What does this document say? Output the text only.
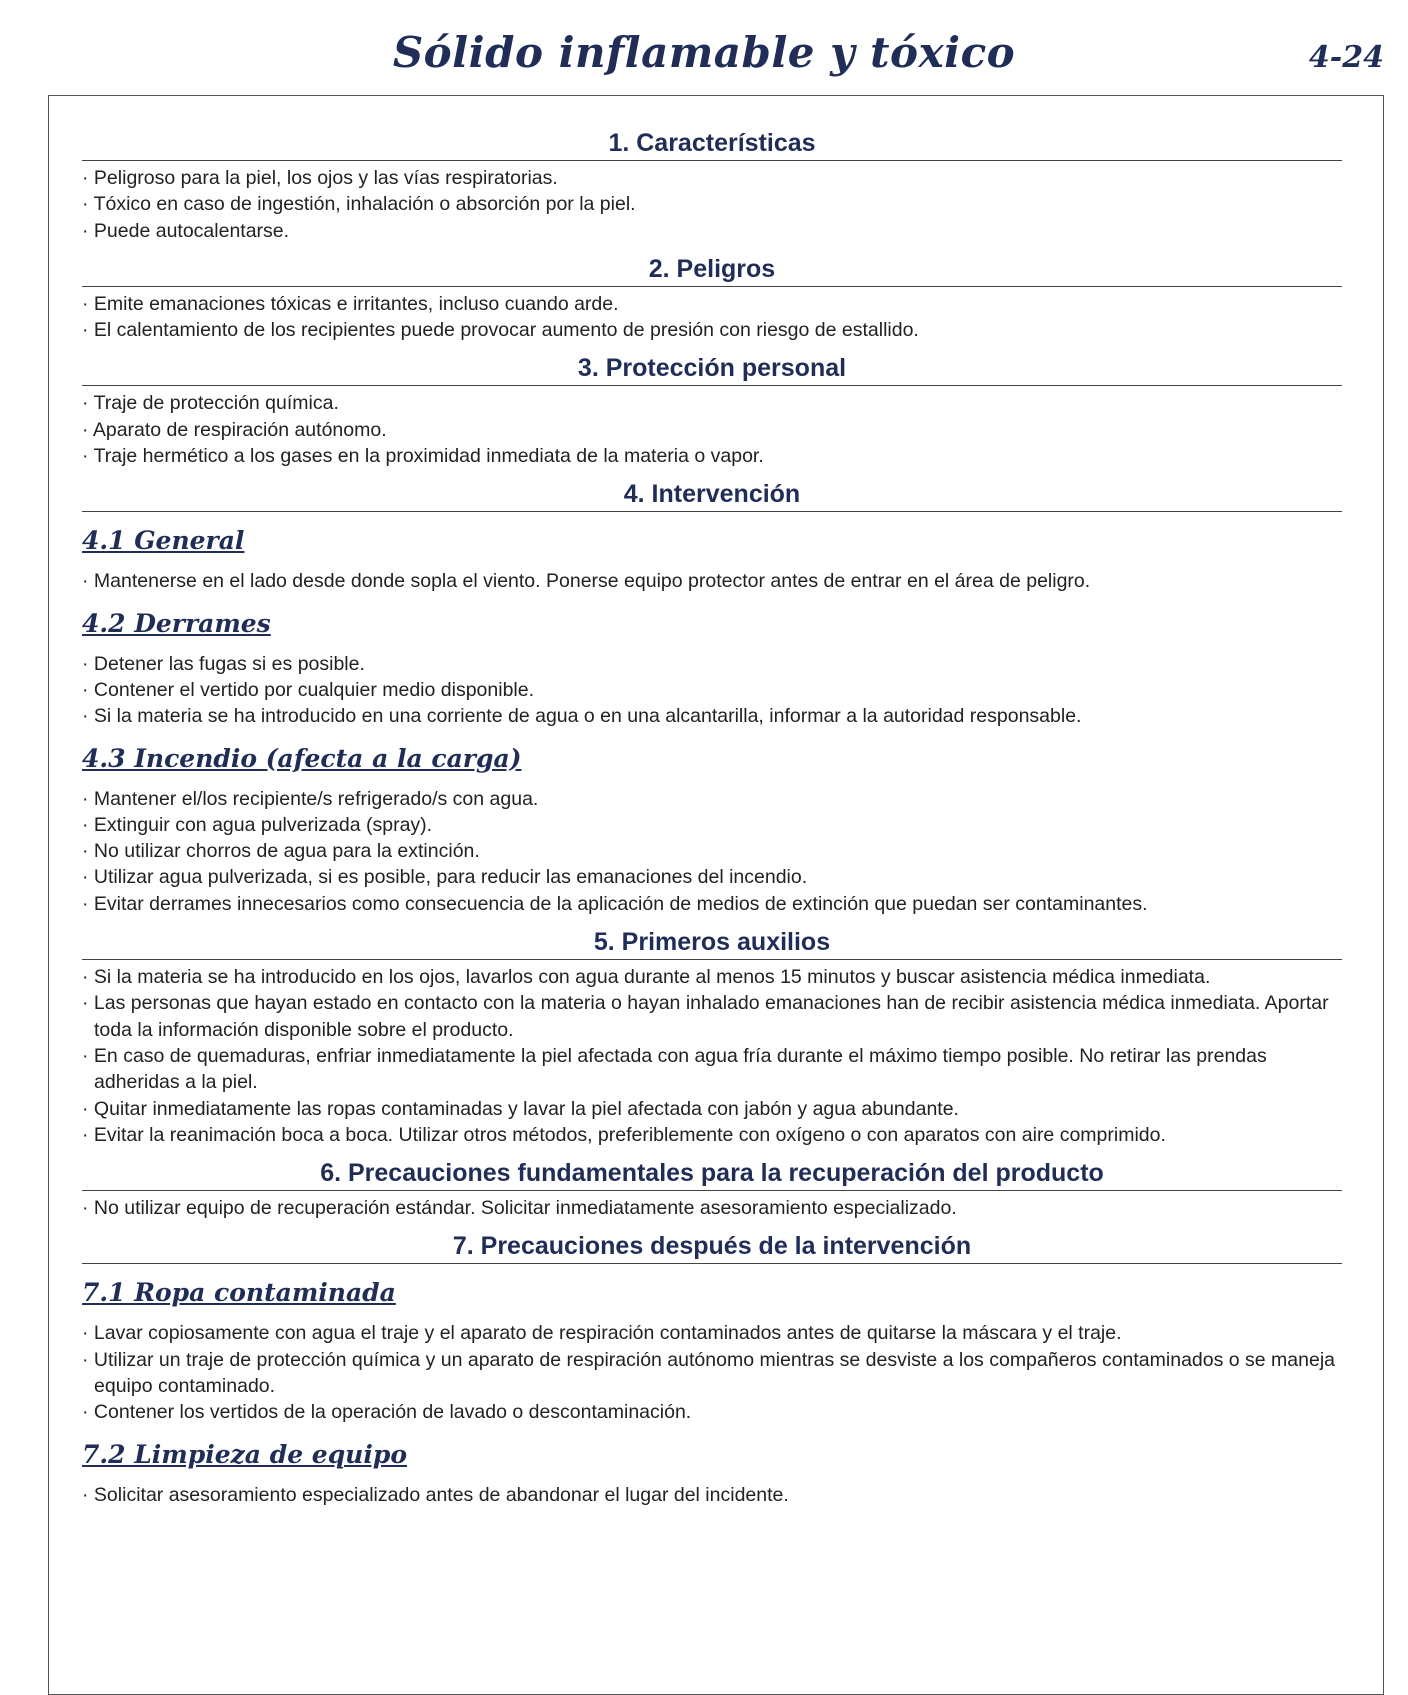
Sólido inflamable y tóxico	4-24
1. Características
· Peligroso para la piel, los ojos y las vías respiratorias.
· Tóxico en caso de ingestión, inhalación o absorción por la piel.
· Puede autocalentarse.
2. Peligros
· Emite emanaciones tóxicas e irritantes, incluso cuando arde.
· El calentamiento de los recipientes puede provocar aumento de presión con riesgo de estallido.
3. Protección personal
· Traje de protección química.
· Aparato de respiración autónomo.
· Traje hermético a los gases en la proximidad inmediata de la materia o vapor.
4. Intervención
4.1 General
· Mantenerse en el lado desde donde sopla el viento. Ponerse equipo protector antes de entrar en el área de peligro.
4.2 Derrames
· Detener las fugas si es posible.
· Contener el vertido por cualquier medio disponible.
· Si la materia se ha introducido en una corriente de agua o en una alcantarilla, informar a la autoridad responsable.
4.3 Incendio (afecta a la carga)
· Mantener el/los recipiente/s refrigerado/s con agua.
· Extinguir con agua pulverizada (spray).
· No utilizar chorros de agua para la extinción.
· Utilizar agua pulverizada, si es posible, para reducir las emanaciones del incendio.
· Evitar derrames innecesarios como consecuencia de la aplicación de medios de extinción que puedan ser contaminantes.
5. Primeros auxilios
· Si la materia se ha introducido en los ojos, lavarlos con agua durante al menos 15 minutos y buscar asistencia médica inmediata.
· Las personas que hayan estado en contacto con la materia o hayan inhalado emanaciones han de recibir asistencia médica inmediata. Aportar toda la información disponible sobre el producto.
· En caso de quemaduras, enfriar inmediatamente la piel afectada con agua fría durante el máximo tiempo posible. No retirar las prendas adheridas a la piel.
· Quitar inmediatamente las ropas contaminadas y lavar la piel afectada con jabón y agua abundante.
· Evitar la reanimación boca a boca. Utilizar otros métodos, preferiblemente con oxígeno o con aparatos con aire comprimido.
6. Precauciones fundamentales para la recuperación del producto
· No utilizar equipo de recuperación estándar. Solicitar inmediatamente asesoramiento especializado.
7. Precauciones después de la intervención
7.1 Ropa contaminada
· Lavar copiosamente con agua el traje y el aparato de respiración contaminados antes de quitarse la máscara y el traje.
· Utilizar un traje de protección química y un aparato de respiración autónomo mientras se desviste a los compañeros contaminados o se maneja equipo contaminado.
· Contener los vertidos de la operación de lavado o descontaminación.
7.2 Limpieza de equipo
· Solicitar asesoramiento especializado antes de abandonar el lugar del incidente.
